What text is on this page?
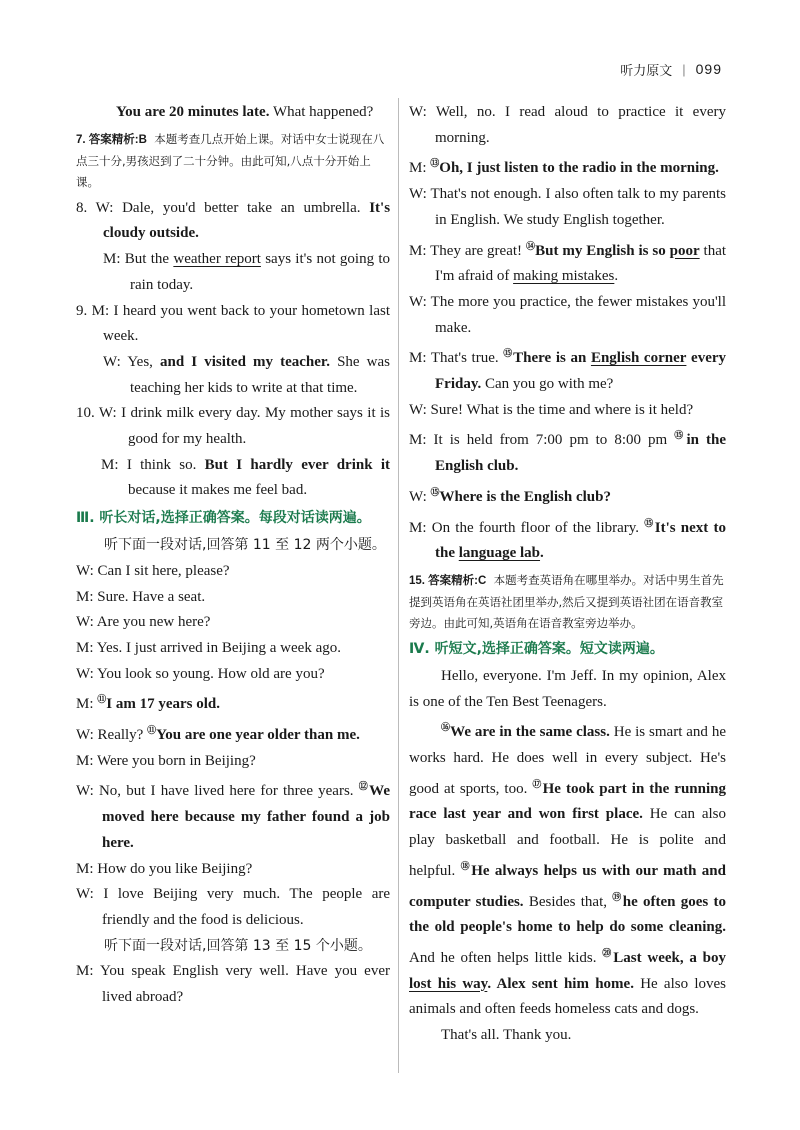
听力原文 | 099

You are 20 minutes late. What happened?

7. 答案精析:B 本题考查几点开始上课。对话中女士说现在八点三十分,男孩迟到了二十分钟。由此可知,八点十分开始上课。

8. W: Dale, you'd better take an umbrella. It's cloudy outside.

M: But the weather report says it's not going to rain today.

9. M: I heard you went back to your hometown last week.

W: Yes, and I visited my teacher. She was teaching her kids to write at that time.

10. W: I drink milk every day. My mother says it is good for my health.

M: I think so. But I hardly ever drink it because it makes me feel bad.

Ⅲ. 听长对话,选择正确答案。每段对话读两遍。

听下面一段对话,回答第 11 至 12 两个小题。

W: Can I sit here, please?

M: Sure. Have a seat.

W: Are you new here?

M: Yes. I just arrived in Beijing a week ago.

W: You look so young. How old are you?

M: ⑪I am 17 years old.

W: Really? ⑪You are one year older than me.

M: Were you born in Beijing?

W: No, but I have lived here for three years. ⑫We moved here because my father found a job here.

M: How do you like Beijing?

W: I love Beijing very much. The people are friendly and the food is delicious.

听下面一段对话,回答第 13 至 15 个小题。

M: You speak English very well. Have you ever lived abroad?

W: Well, no. I read aloud to practice it every morning.

M: ⑬Oh, I just listen to the radio in the morning.

W: That's not enough. I also often talk to my parents in English. We study English together.

M: They are great! ⑭But my English is so poor that I'm afraid of making mistakes.

W: The more you practice, the fewer mistakes you'll make.

M: That's true. ⑮There is an English corner every Friday. Can you go with me?

W: Sure! What is the time and where is it held?

M: It is held from 7:00 pm to 8:00 pm ⑮in the English club.

W: ⑮Where is the English club?

M: On the fourth floor of the library. ⑮It's next to the language lab.

15. 答案精析:C 本题考查英语角在哪里举办。对话中男生首先提到英语角在英语社团里举办,然后又提到英语社团在语音教室旁边。由此可知,英语角在语音教室旁边举办。

Ⅳ. 听短文,选择正确答案。短文读两遍。

Hello, everyone. I'm Jeff. In my opinion, Alex is one of the Ten Best Teenagers.

⑯We are in the same class. He is smart and he works hard. He does well in every subject. He's good at sports, too. ⑰He took part in the running race last year and won first place. He can also play basketball and football. He is polite and helpful. ⑱He always helps us with our math and computer studies. Besides that, ⑲he often goes to the old people's home to help do some cleaning. And he often helps little kids. ⑳Last week, a boy lost his way. Alex sent him home. He also loves animals and often feeds homeless cats and dogs.

That's all. Thank you.
